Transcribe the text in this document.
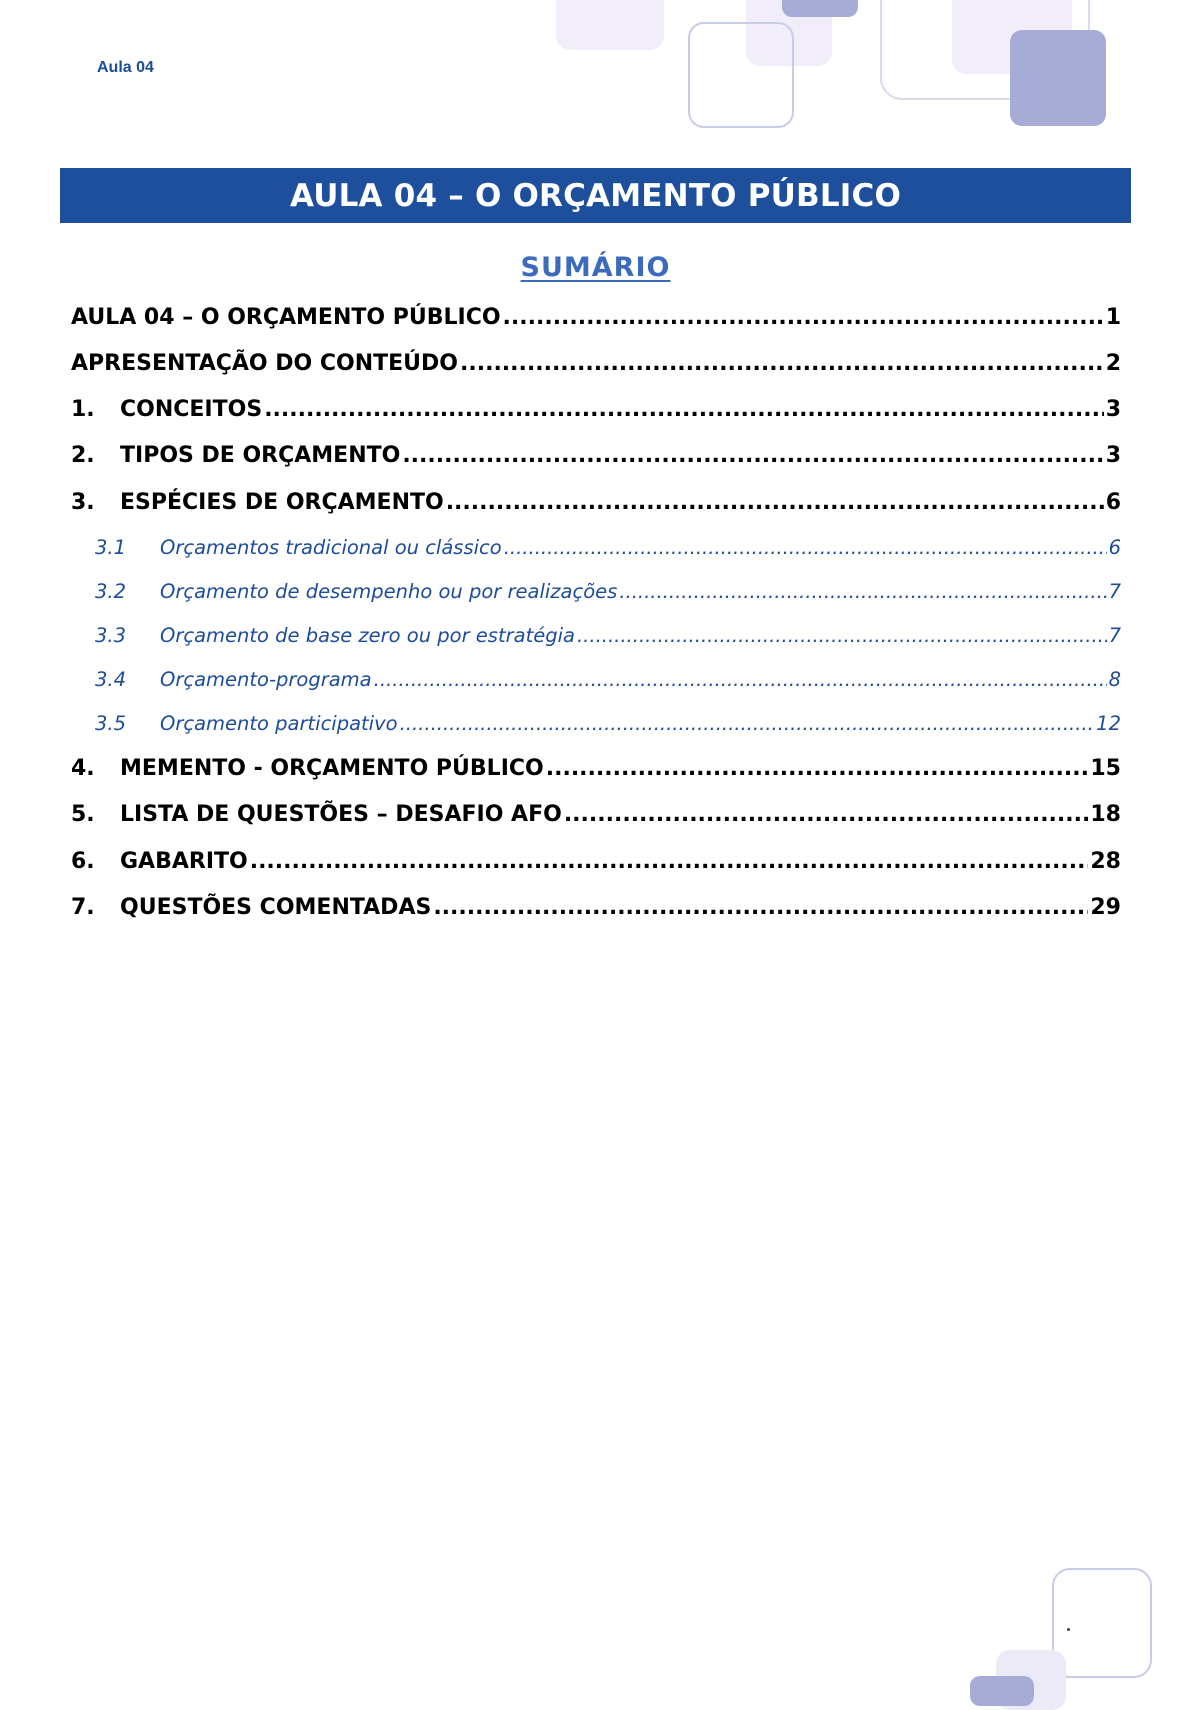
Aula 04
AULA 04 – O ORÇAMENTO PÚBLICO
SUMÁRIO
AULA 04 – O ORÇAMENTO PÚBLICO .....	1
APRESENTAÇÃO DO CONTEÚDO .....	2
1.	CONCEITOS .....	3
2.	TIPOS DE ORÇAMENTO .....	3
3.	ESPÉCIES DE ORÇAMENTO .....	6
3.1	Orçamentos tradicional ou clássico .....	6
3.2	Orçamento de desempenho ou por realizações .....	7
3.3	Orçamento de base zero ou por estratégia .....	7
3.4	Orçamento-programa .....	8
3.5	Orçamento participativo .....	12
4.	MEMENTO - ORÇAMENTO PÚBLICO .....	15
5.	LISTA DE QUESTÕES – DESAFIO AFO .....	18
6.	GABARITO .....	28
7.	QUESTÕES COMENTADAS .....	29
